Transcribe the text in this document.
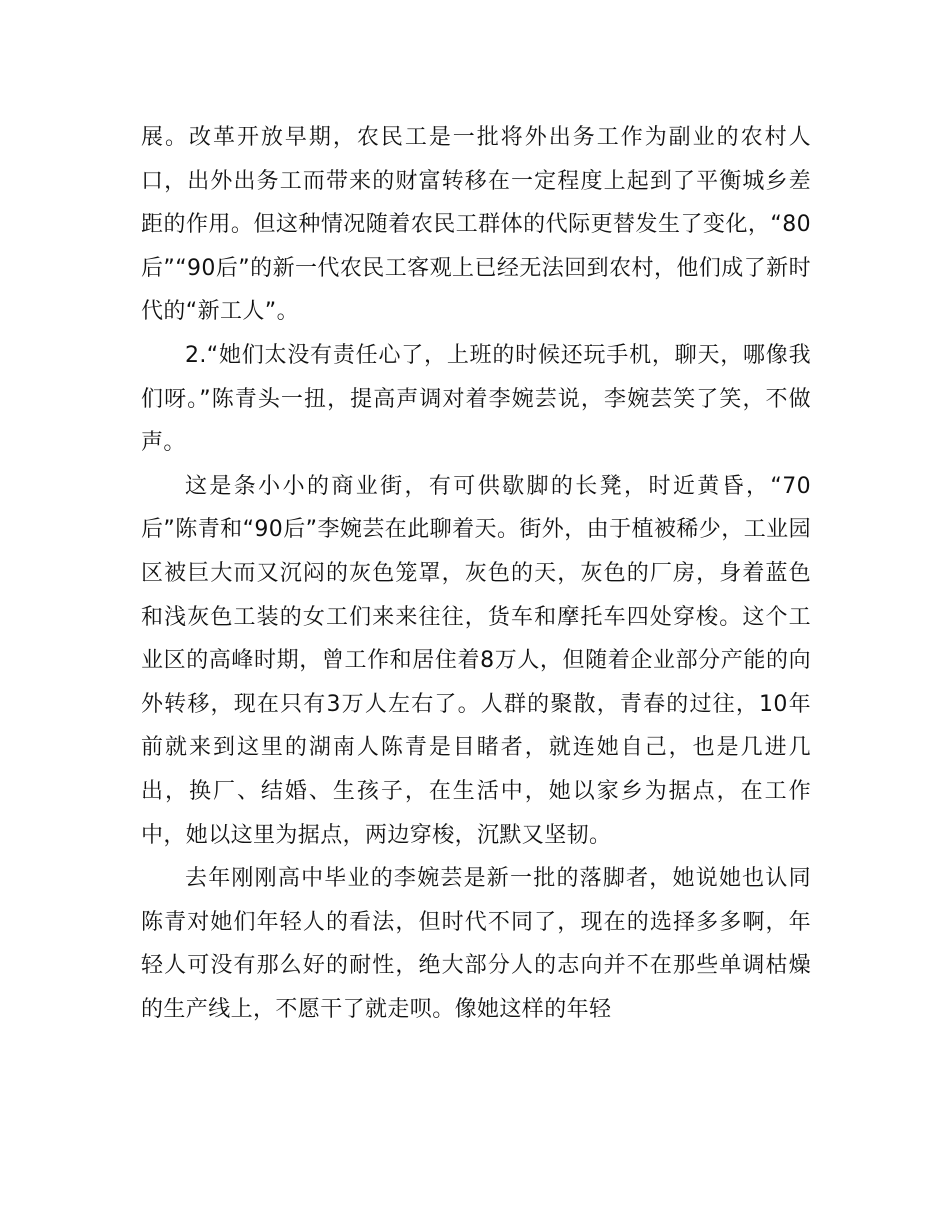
展。改革开放早期，农民工是一批将外出务工作为副业的农村人口，出外出务工而带来的财富转移在一定程度上起到了平衡城乡差距的作用。但这种情况随着农民工群体的代际更替发生了变化，“80后”“90后”的新一代农民工客观上已经无法回到农村，他们成了新时代的“新工人”。

2.“她们太没有责任心了，上班的时候还玩手机，聊天，哪像我们呀。”陈青头一扭，提高声调对着李婉芸说，李婉芸笑了笑，不做声。

这是条小小的商业街，有可供歇脚的长凳，时近黄昏，“70后”陈青和“90后”李婉芸在此聊着天。街外，由于植被稀少，工业园区被巨大而又沉闷的灰色笼罩，灰色的天，灰色的厂房，身着蓝色和浅灰色工装的女工们来来往往，货车和摩托车四处穿梭。这个工业区的高峰时期，曾工作和居住着8万人，但随着企业部分产能的向外转移，现在只有3万人左右了。人群的聚散，青春的过往，10年前就来到这里的湖南人陈青是目睹者，就连她自己，也是几进几出，换厂、结婚、生孩子，在生活中，她以家乡为据点，在工作中，她以这里为据点，两边穿梭，沉默又坚韧。

去年刚刚高中毕业的李婉芸是新一批的落脚者，她说她也认同陈青对她们年轻人的看法，但时代不同了，现在的选择多多啊，年轻人可没有那么好的耐性，绝大部分人的志向并不在那些单调枯燥的生产线上，不愿干了就走呗。像她这样的年轻
